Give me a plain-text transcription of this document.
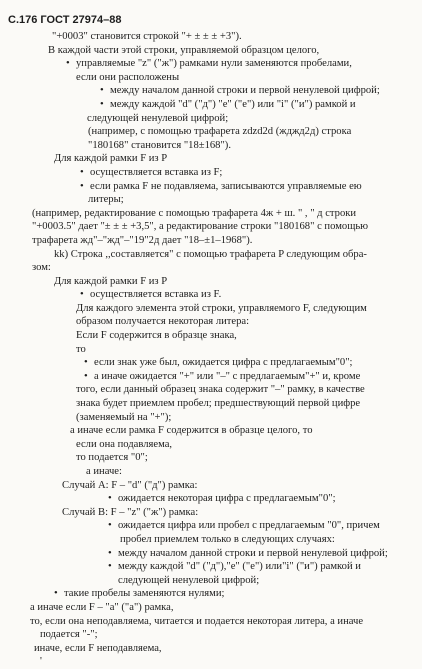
С.176 ГОСТ 27974–88
"+0003" становится строкой "+ ± ± ± +3").
В каждой части этой строки, управляемой образцом целого,
• управляемые "z" ("ж") рамками нули заменяются пробелами,
если они расположены
• между началом данной строки и первой ненулевой цифрой;
• между каждой "d" ("д") "e" ("е") или "i" ("и") рамкой и
следующей ненулевой цифрой;
(например, с помощью трафарета zdzd2d (жджд2д) строка
"180168" становится "18±168").
Для каждой рамки F из P
• осуществляется вставка из F;
• если рамка F не подавляема, записываются управляемые ею
литеры;
(например, редактирование с помощью трафарета 4ж + ш. " , " д строки
"+0003.5" дает "± ± ± +3,5", а редактирование строки "180168" с помощью
трафарета жд"–"жд"–"19"2д дает "18–±1–1968").
kk) Строка ,,составляется" с помощью трафарета P следующим обра-
зом:
Для каждой рамки F из P
• осуществляется вставка из F.
Для каждого элемента этой строки, управляемого F, следующим
образом получается некоторая литера:
Если F содержится в образце знака,
то
• если знак уже был, ожидается цифра с предлагаемым"0";
• а иначе ожидается "+" или "–" с предлагаемым"+" и, кроме
того, если данный образец знака содержит "–" рамку, в качестве
знака будет приемлем пробел; предшествующий первой цифре
(заменяемый на "+");
а иначе если рамка F содержится в образце целого, то
если она подавляема,
то подается "0";
а иначе:
Случай A: F – "d" ("д") рамка:
• ожидается некоторая цифра с предлагаемым"0";
Случай B: F – "z" ("ж") рамка:
• ожидается цифра или пробел с предлагаемым "0", причем
пробел приемлем только в следующих случаях:
• между началом данной строки и первой ненулевой цифрой;
• между каждой "d" ("д"),"e" ("е") или"i" ("и") рамкой и
следующей ненулевой цифрой;
• такие пробелы заменяются нулями;
а иначе если F – "a" ("а") рамка,
то, если она неподавляема, читается и подается некоторая литера, а иначе
подается "-";
иначе, если F неподавляема,
'
